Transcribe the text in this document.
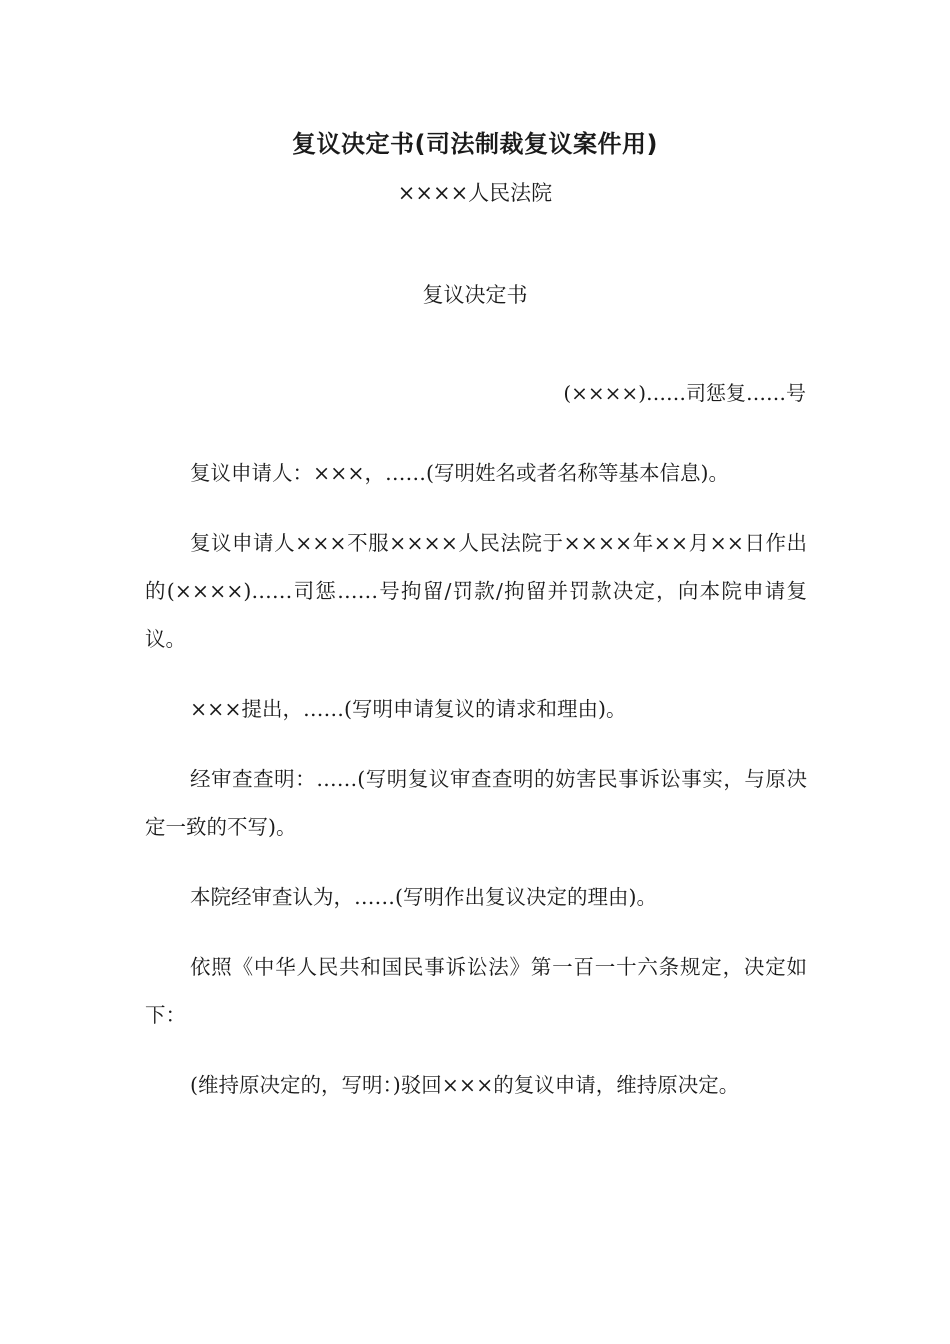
复议决定书(司法制裁复议案件用)
××××人民法院
复议决定书
(××××)……司惩复……号

复议申请人：×××，……(写明姓名或者名称等基本信息)。

复议申请人×××不服××××人民法院于××××年××月××日作出的(××××)……司惩……号拘留/罚款/拘留并罚款决定，向本院申请复议。

×××提出，……(写明申请复议的请求和理由)。

经审查查明：……(写明复议审查查明的妨害民事诉讼事实，与原决定一致的不写)。

本院经审查认为，……(写明作出复议决定的理由)。

依照《中华人民共和国民事诉讼法》第一百一十六条规定，决定如下：

(维持原决定的，写明：)驳回×××的复议申请，维持原决定。
